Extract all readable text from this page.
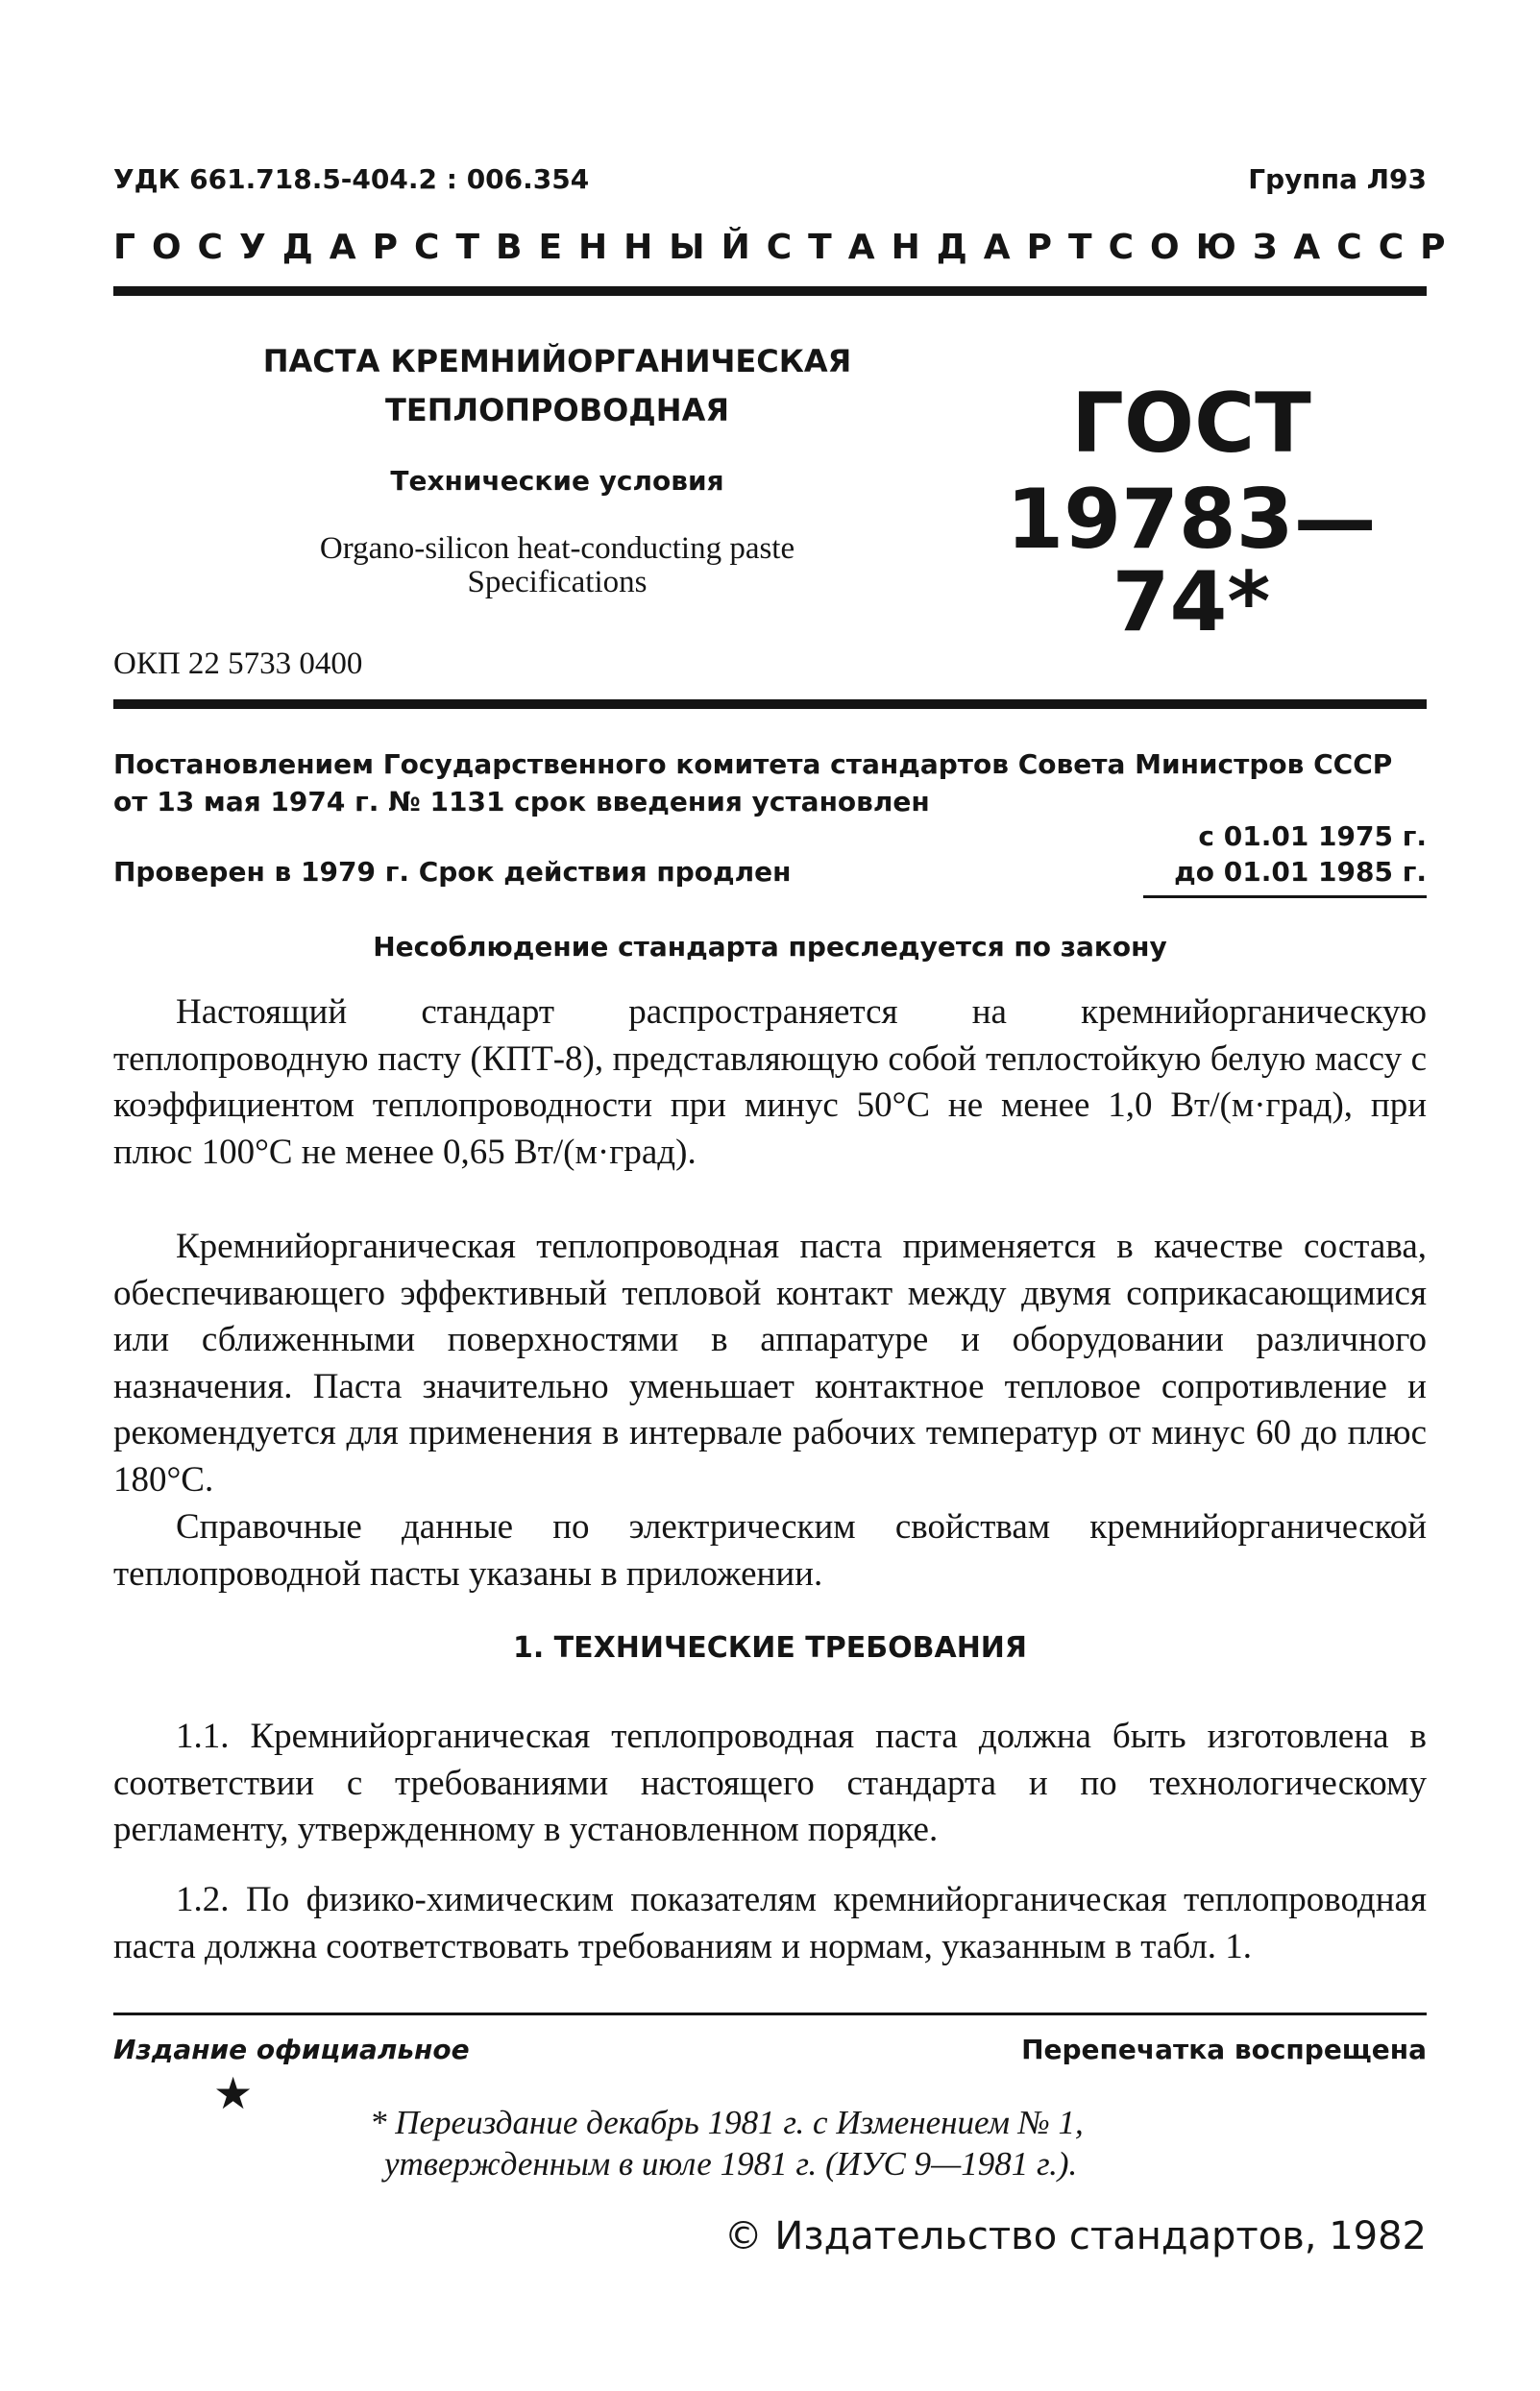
УДК 661.718.5-404.2 : 006.354	Группа Л93
ГОСУДАРСТВЕННЫЙ СТАНДАРТ СОЮЗА ССР
ПАСТА КРЕМНИЙОРГАНИЧЕСКАЯ
ТЕПЛОПРОВОДНАЯ
Технические условия
Organo-silicon heat-conducting paste
Specifications
ГОСТ
19783—74*
ОКП 22 5733 0400
Постановлением Государственного комитета стандартов Совета Министров СССР
от 13 мая 1974 г. № 1131 срок введения установлен
с 01.01 1975 г.
Проверен в 1979 г. Срок действия продлен	до 01.01 1985 г.
Несоблюдение стандарта преследуется по закону

Настоящий стандарт распространяется на кремнийорганическую теплопроводную пасту (КПТ-8), представляющую собой теплостойкую белую массу с коэффициентом теплопроводности при минус 50°С не менее 1,0 Вт/(м·град), при плюс 100°С не менее 0,65 Вт/(м·град).

Кремнийорганическая теплопроводная паста применяется в качестве состава, обеспечивающего эффективный тепловой контакт между двумя соприкасающимися или сближенными поверхностями в аппаратуре и оборудовании различного назначения. Паста значительно уменьшает контактное тепловое сопротивление и рекомендуется для применения в интервале рабочих температур от минус 60 до плюс 180°С.

Справочные данные по электрическим свойствам кремнийорганической теплопроводной пасты указаны в приложении.

1. ТЕХНИЧЕСКИЕ ТРЕБОВАНИЯ

1.1. Кремнийорганическая теплопроводная паста должна быть изготовлена в соответствии с требованиями настоящего стандарта и по технологическому регламенту, утвержденному в установленном порядке.

1.2. По физико-химическим показателям кремнийорганическая теплопроводная паста должна соответствовать требованиям и нормам, указанным в табл. 1.

Издание официальное	Перепечатка воспрещена
★
* Переиздание декабрь 1981 г. с Изменением № 1,
утвержденным в июле 1981 г. (ИУС 9—1981 г.).
© Издательство стандартов, 1982
